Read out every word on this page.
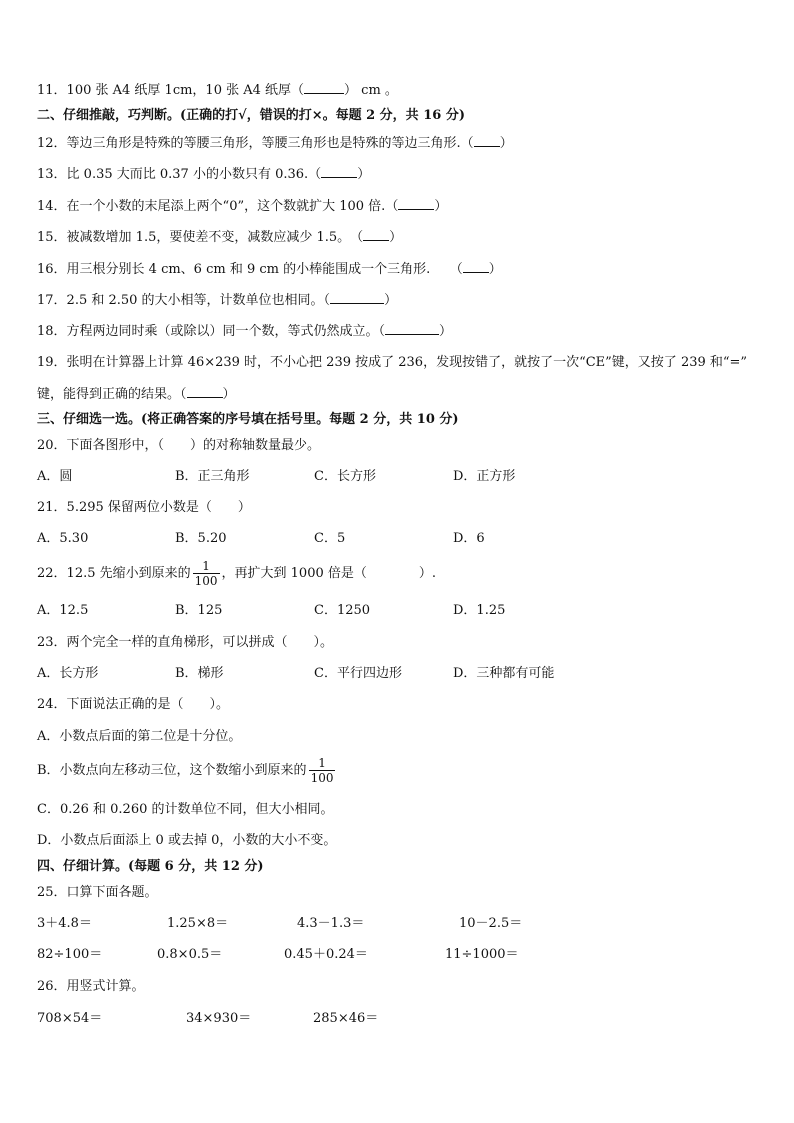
11．100 张 A4 纸厚 1cm，10 张 A4 纸厚（	） cm 。
二、仔细推敲，巧判断。(正确的打√，错误的打×。每题 2 分，共 16 分)
12．等边三角形是特殊的等腰三角形，等腰三角形也是特殊的等边三角形.（ ）
13．比 0.35 大而比 0.37 小的小数只有 0.36.（	）
14．在一个小数的末尾添上两个“0”，这个数就扩大 100 倍.（	）
15．被减数增加 1.5，要使差不变，减数应减少 1.5。　（ ）
16．用三根分别长 4 cm、6 cm 和 9 cm 的小棒能围成一个三角形.　　（ ）
17．2.5 和 2.50 的大小相等，计数单位也相同。（	）
18．方程两边同时乘（或除以）同一个数，等式仍然成立。（	）
19．张明在计算器上计算 46×239 时，不小心把 239 按成了 236，发现按错了，就按了一次“CE”键，又按了 239 和“=”
键，能得到正确的结果。（	）
三、仔细选一选。(将正确答案的序号填在括号里。每题 2 分，共 10 分)
20．下面各图形中，（　　）的对称轴数量最少。
A．圆	B．正三角形	C．长方形	D．正方形
21．5.295 保留两位小数是（　　）
A．5.30	B．5.20	C．5	D．6
22．12.5 先缩小到原来的 $\frac{1}{100}$ ，再扩大到 1000 倍是（　　　　）.
A．12.5	B．125	C．1250	D．1.25
23．两个完全一样的直角梯形，可以拼成（　　）。
A．长方形	B．梯形	C．平行四边形	D．三种都有可能
24．下面说法正确的是（　　）。
A．小数点后面的第二位是十分位。
B．小数点向左移动三位，这个数缩小到原来的 $\frac{1}{100}$
C．0.26 和 0.260 的计数单位不同，但大小相同。
D．小数点后面添上 0 或去掉 0，小数的大小不变。
四、仔细计算。(每题 6 分，共 12 分)
25．口算下面各题。
3＋4.8＝	1.25×8＝	4.3－1.3＝	10－2.5＝
82÷100＝	0.8×0.5＝	0.45＋0.24＝	11÷1000＝
26．用竖式计算。
708×54＝	34×930＝	285×46＝
